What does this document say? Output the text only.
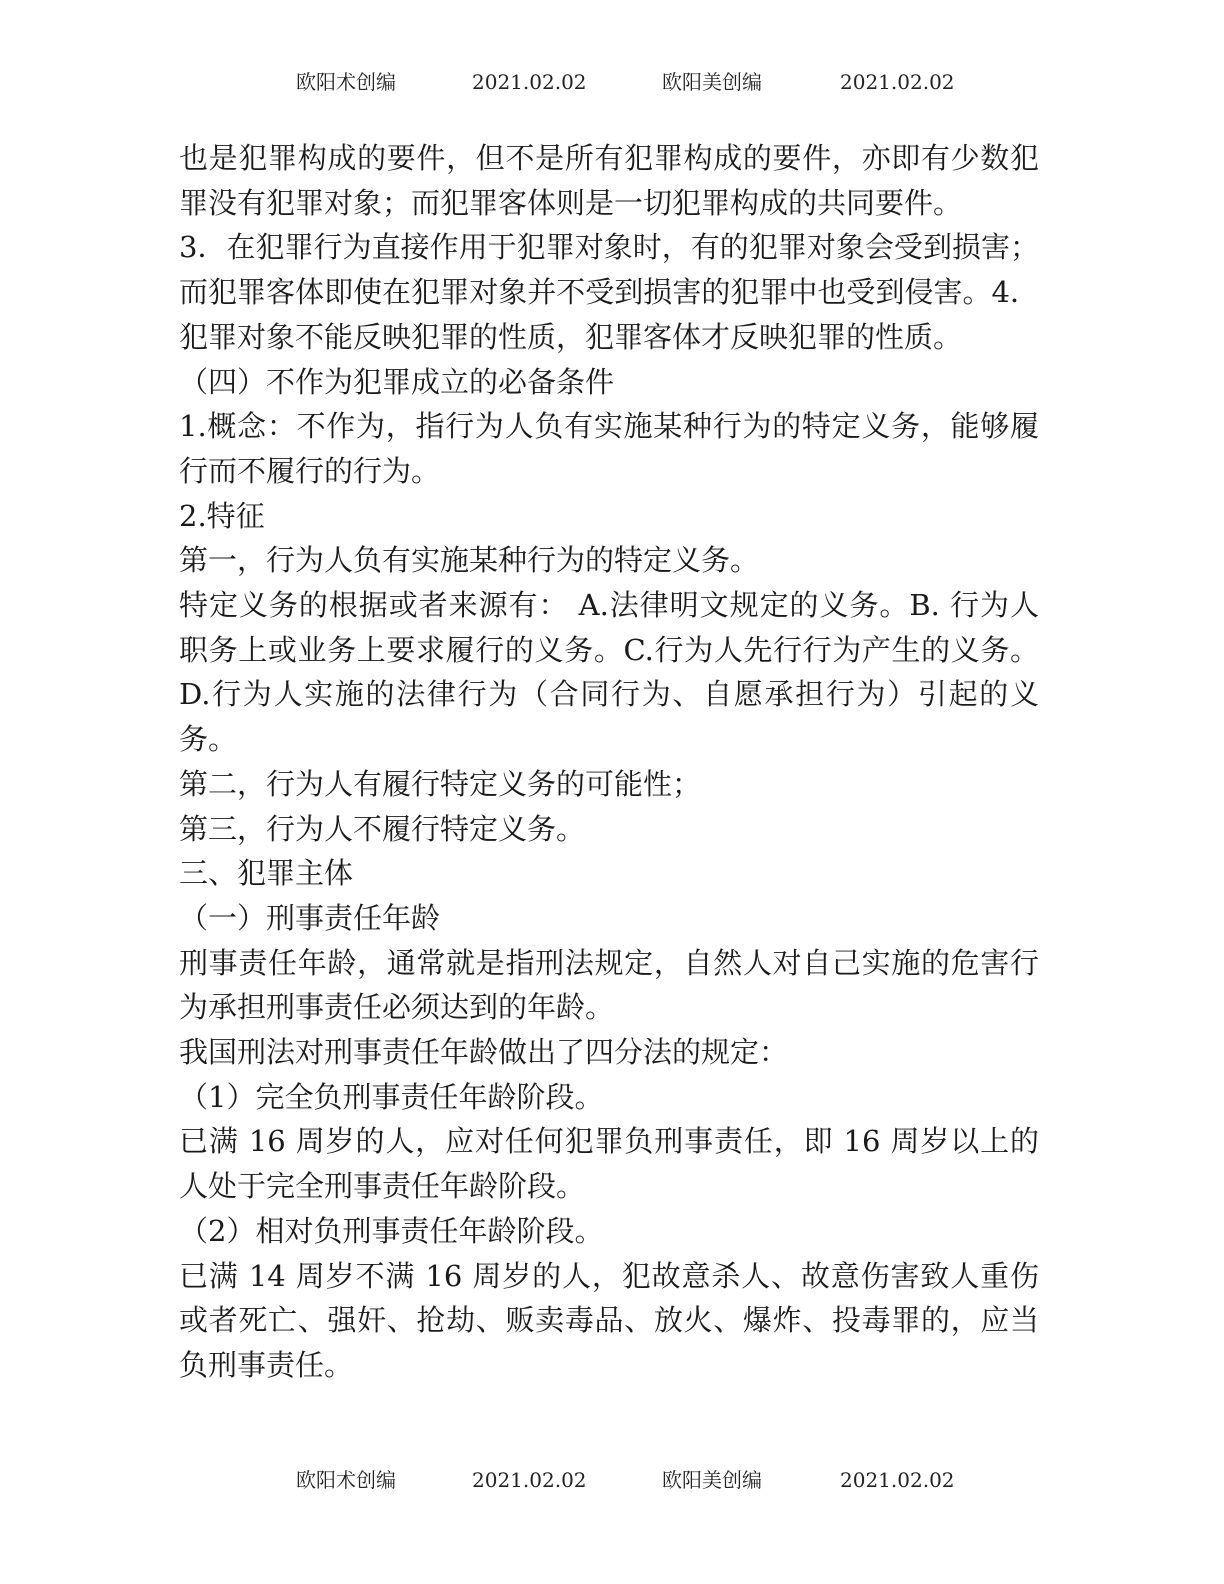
欧阳术创编	2021.02.02	欧阳美创编	2021.02.02

也是犯罪构成的要件，但不是所有犯罪构成的要件，亦即有少数犯罪没有犯罪对象；而犯罪客体则是一切犯罪构成的共同要件。

3．在犯罪行为直接作用于犯罪对象时，有的犯罪对象会受到损害；而犯罪客体即使在犯罪对象并不受到损害的犯罪中也受到侵害。4．犯罪对象不能反映犯罪的性质，犯罪客体才反映犯罪的性质。

（四）不作为犯罪成立的必备条件

1.概念：不作为，指行为人负有实施某种行为的特定义务，能够履行而不履行的行为。

2.特征

第一，行为人负有实施某种行为的特定义务。

特定义务的根据或者来源有： A.法律明文规定的义务。B. 行为人职务上或业务上要求履行的义务。C.行为人先行行为产生的义务。D.行为人实施的法律行为（合同行为、自愿承担行为）引起的义务。

第二，行为人有履行特定义务的可能性；

第三，行为人不履行特定义务。

三、犯罪主体

（一）刑事责任年龄

刑事责任年龄，通常就是指刑法规定，自然人对自己实施的危害行为承担刑事责任必须达到的年龄。

我国刑法对刑事责任年龄做出了四分法的规定：

（1）完全负刑事责任年龄阶段。

已满 16 周岁的人，应对任何犯罪负刑事责任，即 16 周岁以上的人处于完全刑事责任年龄阶段。

（2）相对负刑事责任年龄阶段。

已满 14 周岁不满 16 周岁的人，犯故意杀人、故意伤害致人重伤或者死亡、强奸、抢劫、贩卖毒品、放火、爆炸、投毒罪的，应当负刑事责任。

欧阳术创编	2021.02.02	欧阳美创编	2021.02.02
